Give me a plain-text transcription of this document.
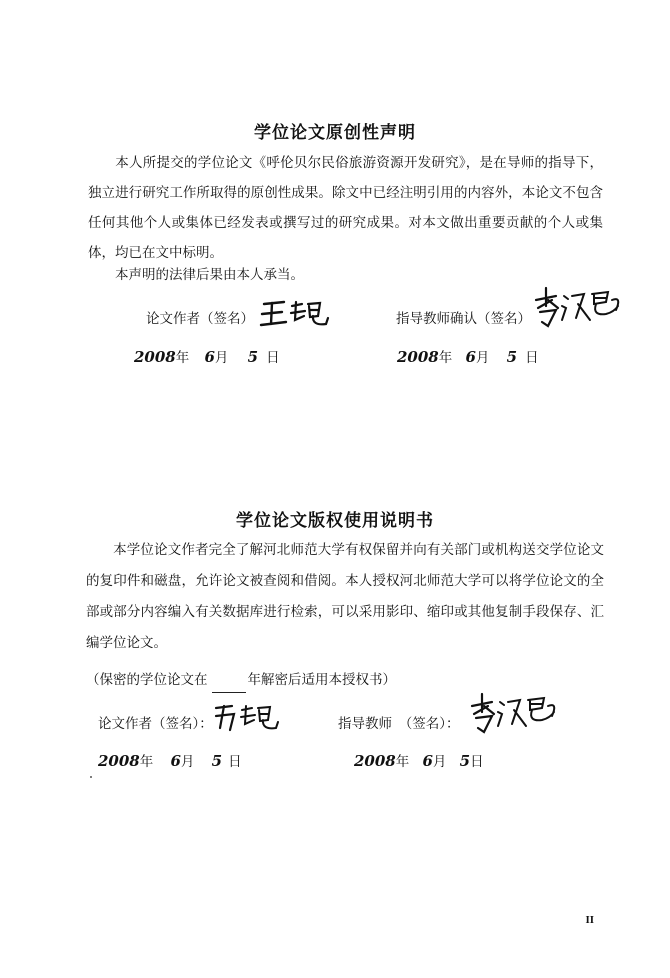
学位论文原创性声明
本人所提交的学位论文《呼伦贝尔民俗旅游资源开发研究》，是在导师的指导下，独立进行研究工作所取得的原创性成果。除文中已经注明引用的内容外，本论文不包含任何其他个人或集体已经发表或撰写过的研究成果。对本文做出重要贡献的个人或集体，均已在文中标明。
本声明的法律后果由本人承当。
论文作者（签名）	指导教师确认（签名）
2008年 6月 5 日	2008年 6月 5 日
学位论文版权使用说明书
本学位论文作者完全了解河北师范大学有权保留并向有关部门或机构送交学位论文的复印件和磁盘，允许论文被查阅和借阅。本人授权河北师范大学可以将学位论文的全部或部分内容编入有关数据库进行检索，可以采用影印、缩印或其他复制手段保存、汇编学位论文。
（保密的学位论文在	年解密后适用本授权书）
论文作者（签名）：	指导教师　（签名）：
2008年 6月 5 日	2008年 6月 5日
II
